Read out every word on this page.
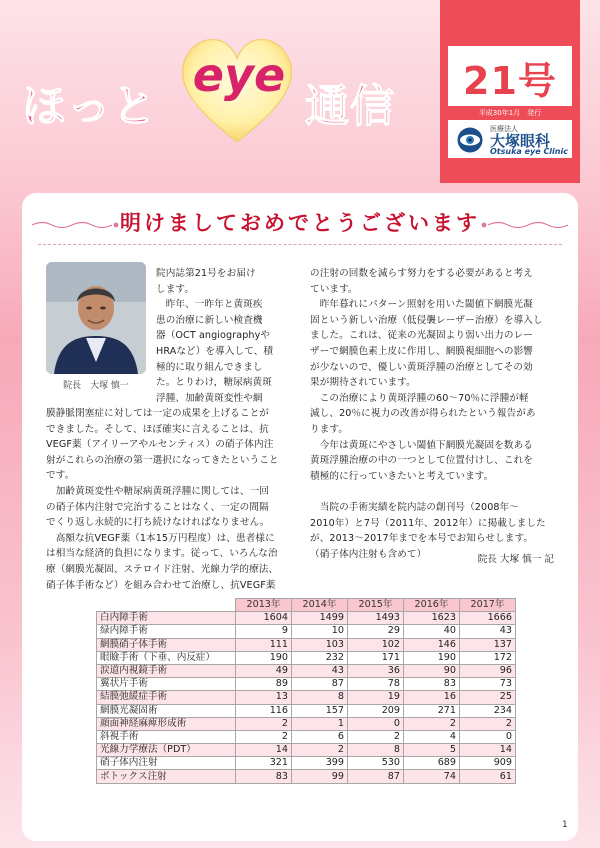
ほっと
eye
通信	21号
平成30年1月　発行
医療法人
大塚眼科
Otsuka eye Clinic
明けましておめでとうございます
院長　大塚 慎一

院内誌第21号をお届け

します。

　昨年、一昨年と黄斑疾

患の治療に新しい検査機

器（OCT angiographyや

HRAなど）を導入して、積

極的に取り組んできまし

た。とりわけ，糖尿病黄斑

浮腫、加齢黄斑変性や網

膜静脈閉塞症に対しては一定の成果を上げることが

できました。そして、ほぼ確実に言えることは、抗

VEGF薬（アイリーアやルセンティス）の硝子体内注

射がこれらの治療の第一選択になってきたということ

です。

　加齢黄斑変性や糖尿病黄斑浮腫に関しては、一回

の硝子体内注射で完治することはなく、一定の間隔

でくり返し永続的に打ち続けなければなりません。

　高額な抗VEGF薬（1本15万円程度）は、患者様に

は相当な経済的負担になります。従って、いろんな治

療（網膜光凝固、ステロイド注射、光線力学的療法、

硝子体手術など）を組み合わせて治療し、抗VEGF薬

の注射の回数を減らす努力をする必要があると考え

ています。

　昨年暮れにパターン照射を用いた閾値下網膜光凝

固という新しい治療（低侵襲レーザー治療）を導入し

ました。これは、従来の光凝固より弱い出力のレー

ザーで網膜色素上皮に作用し、網膜視細胞への影響

が少ないので、優しい黄斑浮腫の治療としてその効

果が期待されています。

　この治療により黄斑浮腫の60～70％に浮腫が軽

減し、20％に視力の改善が得られたという報告があ

ります。

　今年は黄斑にやさしい閾値下網膜光凝固を数ある

黄斑浮腫治療の中の一つとして位置付けし、これを

積極的に行っていきたいと考えています。

　当院の手術実績を院内誌の創刊号（2008年～

2010年）と7号（2011年、2012年）に掲載しました

が、2013～2017年までを本号でお知らせします。

（硝子体内注射も含めて）	院長 大塚 慎一 記
	2013年	2014年	2015年	2016年	2017年
白内障手術	1604	1499	1493	1623	1666
緑内障手術	9	10	29	40	43
網膜硝子体手術	111	103	102	146	137
眼瞼手術（下垂、内反症）	190	232	171	190	172
涙道内視鏡手術	49	43	36	90	96
翼状片手術	89	87	78	83	73
結膜弛緩症手術	13	8	19	16	25
網膜光凝固術	116	157	209	271	234
顔面神経麻痺形成術	2	1	0	2	2
斜視手術	2	6	2	4	0
光線力学療法（PDT）	14	2	8	5	14
硝子体内注射	321	399	530	689	909
ボトックス注射	83	99	87	74	61
1
